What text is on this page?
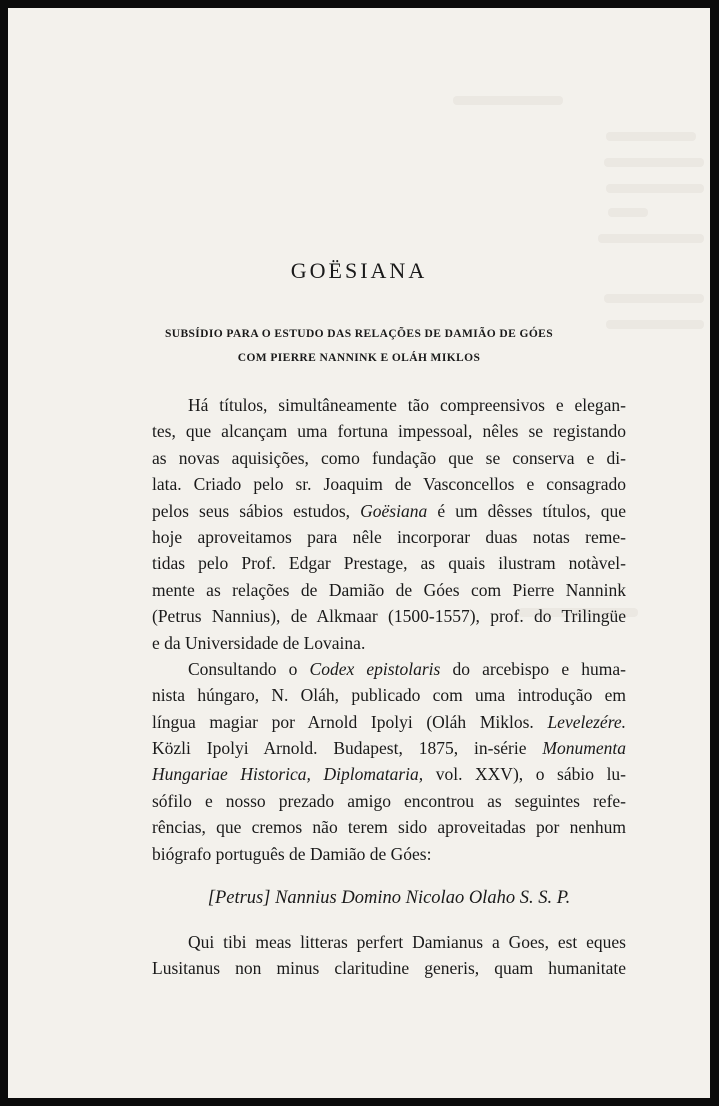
GOËSIANA
SUBSÍDIO PARA O ESTUDO DAS RELAÇÕES DE DAMIÃO DE GÓES
COM PIERRE NANNINK E OLÁH MIKLOS
Há títulos, simultâneamente tão compreensivos e elegan-
tes, que alcançam uma fortuna impessoal, nêles se registando
as novas aquisições, como fundação que se conserva e di-
lata. Criado pelo sr. Joaquim de Vasconcellos e consagrado
pelos seus sábios estudos, Goësiana é um dêsses títulos, que
hoje aproveitamos para nêle incorporar duas notas reme-
tidas pelo Prof. Edgar Prestage, as quais ilustram notàvel-
mente as relações de Damião de Góes com Pierre Nannink
(Petrus Nannius), de Alkmaar (1500-1557), prof. do Trilingüe
e da Universidade de Lovaina.
Consultando o Codex epistolaris do arcebispo e huma-
nista húngaro, N. Oláh, publicado com uma introdução em
língua magiar por Arnold Ipolyi (Oláh Miklos. Levelezére.
Közli Ipolyi Arnold. Budapest, 1875, in-série Monumenta
Hungariae Historica, Diplomataria, vol. XXV), o sábio lu-
sófilo e nosso prezado amigo encontrou as seguintes refe-
rências, que cremos não terem sido aproveitadas por nenhum
biógrafo português de Damião de Góes:
[Petrus] Nannius Domino Nicolao Olaho S. S. P.
Qui tibi meas litteras perfert Damianus a Goes, est eques
Lusitanus non minus claritudine generis, quam humanitate
